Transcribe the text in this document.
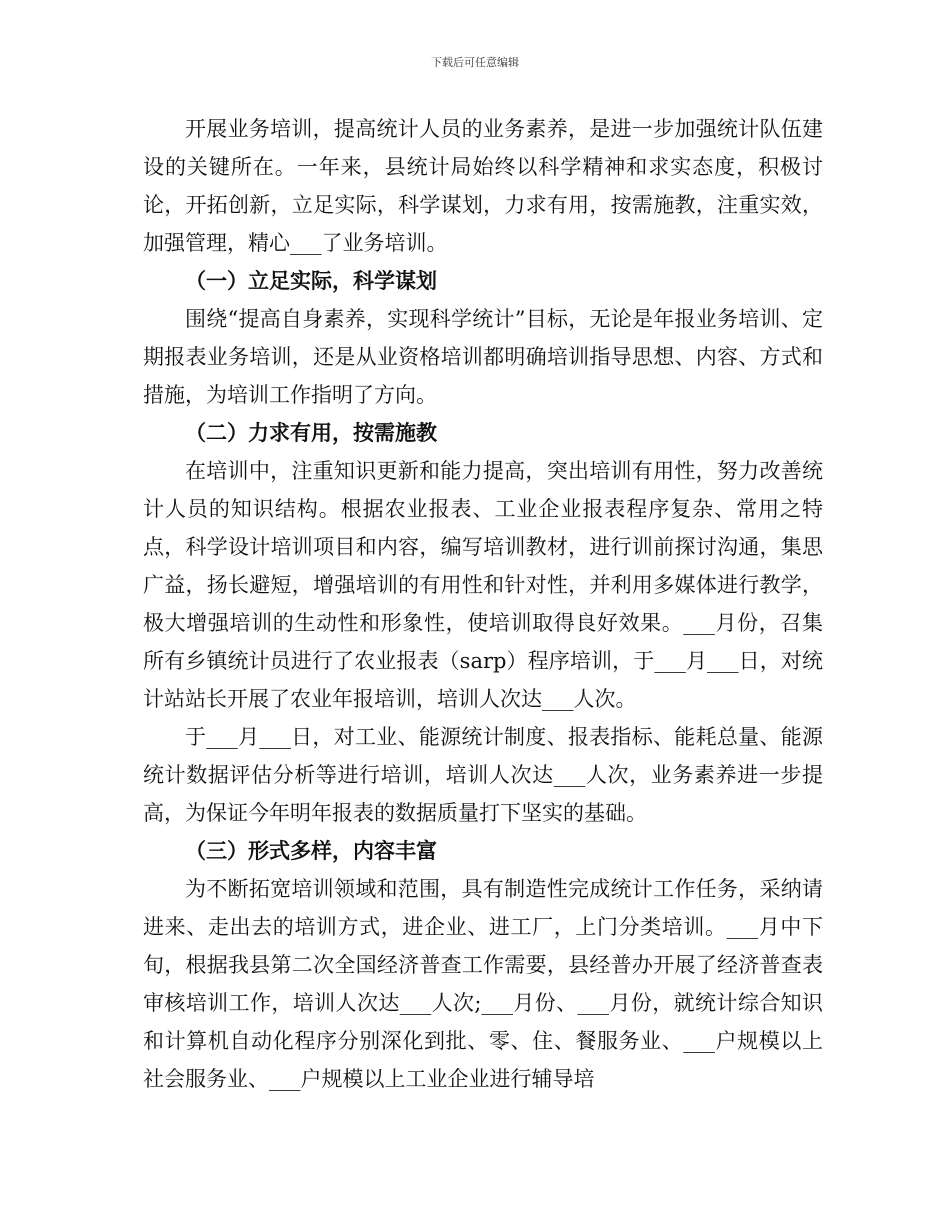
下载后可任意编辑

开展业务培训，提高统计人员的业务素养，是进一步加强统计队伍建设的关键所在。一年来，县统计局始终以科学精神和求实态度，积极讨论，开拓创新，立足实际，科学谋划，力求有用，按需施教，注重实效，加强管理，精心___了业务培训。

（一）立足实际，科学谋划

围绕“提高自身素养，实现科学统计”目标，无论是年报业务培训、定期报表业务培训，还是从业资格培训都明确培训指导思想、内容、方式和措施，为培训工作指明了方向。

（二）力求有用，按需施教

在培训中，注重知识更新和能力提高，突出培训有用性，努力改善统计人员的知识结构。根据农业报表、工业企业报表程序复杂、常用之特点，科学设计培训项目和内容，编写培训教材，进行训前探讨沟通，集思广益，扬长避短，增强培训的有用性和针对性，并利用多媒体进行教学，极大增强培训的生动性和形象性，使培训取得良好效果。___月份，召集所有乡镇统计员进行了农业报表（sarp）程序培训，于___月___日，对统计站站长开展了农业年报培训，培训人次达___人次。

于___月___日，对工业、能源统计制度、报表指标、能耗总量、能源统计数据评估分析等进行培训，培训人次达___人次，业务素养进一步提高，为保证今年明年报表的数据质量打下坚实的基础。

（三）形式多样，内容丰富

为不断拓宽培训领域和范围，具有制造性完成统计工作任务，采纳请进来、走出去的培训方式，进企业、进工厂，上门分类培训。___月中下旬，根据我县第二次全国经济普查工作需要，县经普办开展了经济普查表审核培训工作，培训人次达___人次;___月份、___月份，就统计综合知识和计算机自动化程序分别深化到批、零、住、餐服务业、___户规模以上社会服务业、___户规模以上工业企业进行辅导培
